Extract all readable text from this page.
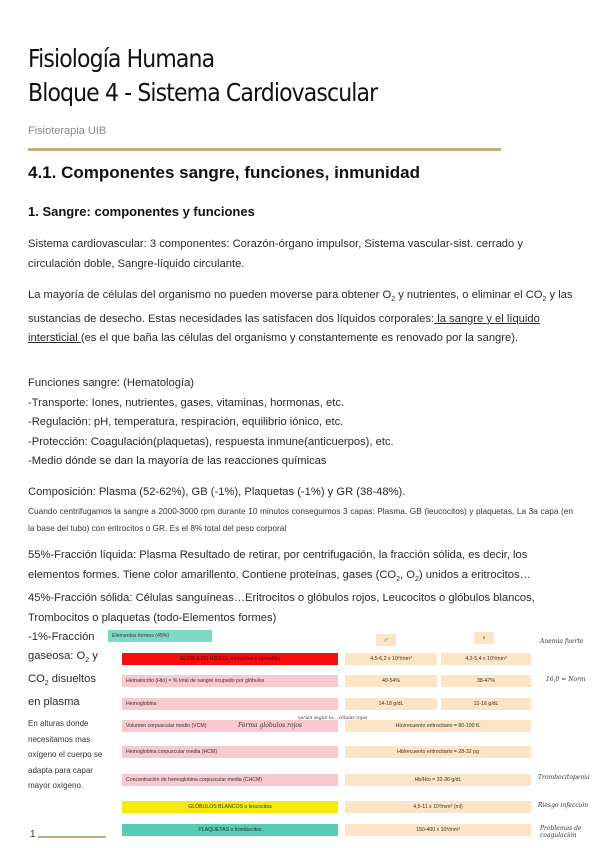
Fisiología Humana
Bloque 4 - Sistema Cardiovascular
Fisioterapia UIB
4.1. Componentes sangre, funciones, inmunidad
1. Sangre: componentes y funciones
Sistema cardiovascular: 3 componentes: Corazón-órgano impulsor, Sistema vascular-sist. cerrado y circulación doble, Sangre-líquido circulante.
La mayoría de células del organismo no pueden moverse para obtener $O_2$ y nutrientes, o eliminar el $CO_2$ y las sustancias de desecho. Estas necesidades las satisfacen dos líquidos corporales: la sangre y el líquido intersticial (es el que baña las células del organismo y constantemente es renovado por la sangre).
Funciones sangre: (Hematología)
-Transporte: Iones, nutrientes, gases, vitaminas, hormonas, etc.
-Regulación: pH, temperatura, respiración, equilibrio iónico, etc.
-Protección: Coagulación(plaquetas), respuesta inmune(anticuerpos), etc.
-Medio dónde se dan la mayoría de las reacciones químicas
Composición: Plasma (52-62%), GB (-1%), Plaquetas (-1%) y GR (38-48%).
Cuando centrifugamos la sangre a 2000-3000 rpm durante 10 minutos conseguimos 3 capas: Plasma, GB (leucocitos) y plaquetas, La 3a capa (en la base del tubo) con eritrocitos o GR. Es el 8% total del peso corporal
55%-Fracción líquida: Plasma Resultado de retirar, por centrifugación, la fracción sólida, es decir, los elementos formes. Tiene color amarillento. Contiene proteínas, gases ($CO_2$, $O_2$) unidos a eritrocitos…
45%-Fracción sólida: Células sanguíneas…Eritrocitos o glóbulos rojos, Leucocitos o glóbulos blancos, Trombocitos o plaquetas (todo-Elementos formes)
-1%-Fracción gaseosa: $O_2$ y $CO_2$ disueltos en plasma
En alturas donde necesitamos mas oxígeno el cuerpo se adapta para capar mayor oxígeno.
Elementos formes (45%)
♂	♀
GLÓBULOS ROJOS, eritrocitos o hematíes	4,5-6,2 x 10⁶/mm³	4,2-5,4 x 10⁶/mm³
Hematocrito (Hto) = % total de sangre ocupado por glóbulos	40-54%	38-47%
Hemoglobina	14-18 g/dL	12-16 g/dL
Volumen corpuscular medio (VCM)	Hto/recuento eritrocitario = 80-100 fL
Forma glóbulos rojos
varían según la... células rojas
Hemoglobina corpuscular media (HCM)	Hb/recuento eritrocitario = 28-32 pg
Concentración de hemoglobina corpuscular media (CHCM)	Hb/Hto = 32-36 g/dL
GLÓBULOS BLANCOS o leucocitos	4,5-11 x 10³/mm³ (ml)
PLAQUETAS o trombocitos	150-400 x 10³/mm³
Anemia fuerte
16,0 = Norm
Trombocitopenia
Riesgo infección
Problemas de coagulación
1
